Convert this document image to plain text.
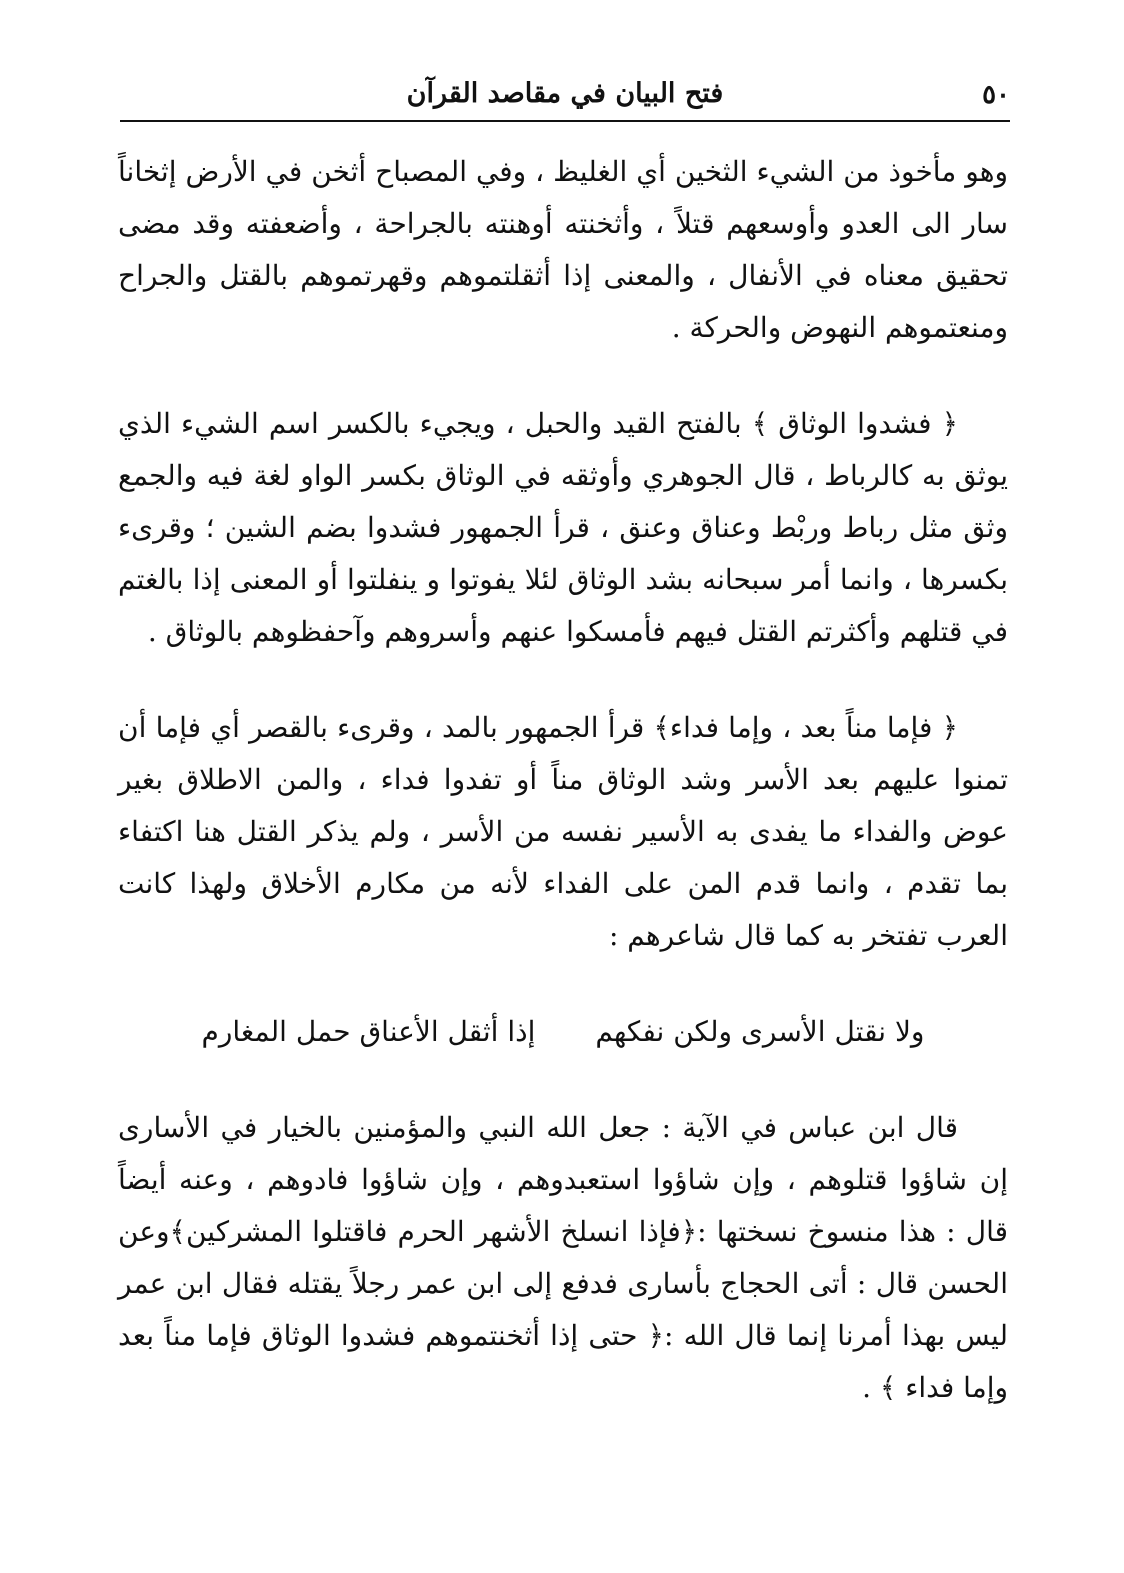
٥٠
فتح البيان في مقاصد القرآن

وهو مأخوذ من الشيء الثخين أي الغليظ ، وفي المصباح أثخن في الأرض إثخاناً سار الى العدو وأوسعهم قتلاً ، وأثخنته أوهنته بالجراحة ، وأضعفته وقد مضى تحقيق معناه في الأنفال ، والمعنى إذا أثقلتموهم وقهرتموهم بالقتل والجراح ومنعتموهم النهوض والحركة .

﴿ فشدوا الوثاق ﴾ بالفتح القيد والحبل ، ويجيء بالكسر اسم الشيء الذي يوثق به كالرباط ، قال الجوهري وأوثقه في الوثاق بكسر الواو لغة فيه والجمع وثق مثل رباط وربْط وعناق وعنق ، قرأ الجمهور فشدوا بضم الشين ؛ وقرىء بكسرها ، وانما أمر سبحانه بشد الوثاق لئلا يفوتوا و ينفلتوا أو المعنى إذا بالغتم في قتلهم وأكثرتم القتل فيهم فأمسكوا عنهم وأسروهم وآحفظوهم بالوثاق .

﴿ فإما مناً بعد ، وإما فداء﴾ قرأ الجمهور بالمد ، وقرىء بالقصر أي فإما أن تمنوا عليهم بعد الأسر وشد الوثاق مناً أو تفدوا فداء ، والمن الاطلاق بغير عوض والفداء ما يفدى به الأسير نفسه من الأسر ، ولم يذكر القتل هنا اكتفاء بما تقدم ، وانما قدم المن على الفداء لأنه من مكارم الأخلاق ولهذا كانت العرب تفتخر به كما قال شاعرهم :

ولا نقتل الأسرى ولكن نفكهم
إذا أثقل الأعناق حمل المغارم

قال ابن عباس في الآية : جعل الله النبي والمؤمنين بالخيار في الأسارى إن شاؤوا قتلوهم ، وإن شاؤوا استعبدوهم ، وإن شاؤوا فادوهم ، وعنه أيضاً قال : هذا منسوخ نسختها :﴿فإذا انسلخ الأشهر الحرم فاقتلوا المشركين﴾وعن الحسن قال : أتى الحجاج بأسارى فدفع إلى ابن عمر رجلاً يقتله فقال ابن عمر ليس بهذا أمرنا إنما قال الله :﴿ حتى إذا أثخنتموهم فشدوا الوثاق فإما مناً بعد وإما فداء ﴾ .
